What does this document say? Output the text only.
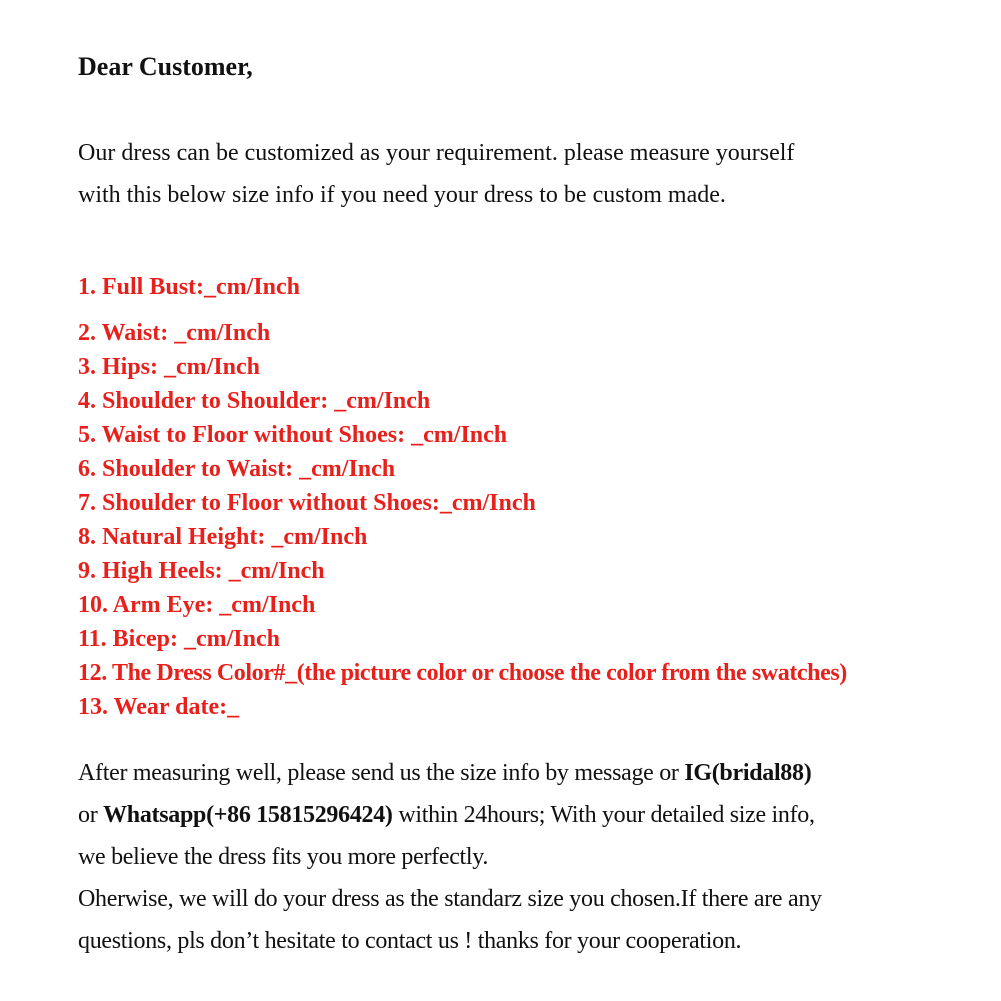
Dear Customer,

Our dress can be customized as your requirement. please measure yourself
with this below size info if you need your dress to be custom made.

1. Full Bust:_cm/Inch
2. Waist: _cm/Inch
3. Hips: _cm/Inch
4. Shoulder to Shoulder: _cm/Inch
5. Waist to Floor without Shoes: _cm/Inch
6. Shoulder to Waist: _cm/Inch
7. Shoulder to Floor without Shoes:_cm/Inch
8. Natural Height: _cm/Inch
9. High Heels: _cm/Inch
10. Arm Eye: _cm/Inch
11. Bicep: _cm/Inch
12. The Dress Color#_(the picture color or choose the color from the swatches)
13. Wear date:_
After measuring well, please send us the size info by message or IG(bridal88)
or Whatsapp(+86 15815296424) within 24hours; With your detailed size info,
we believe the dress fits you more perfectly.
Oherwise, we will do your dress as the standarz size you chosen.If there are any
questions, pls don’t hesitate to contact us ! thanks for your cooperation.
